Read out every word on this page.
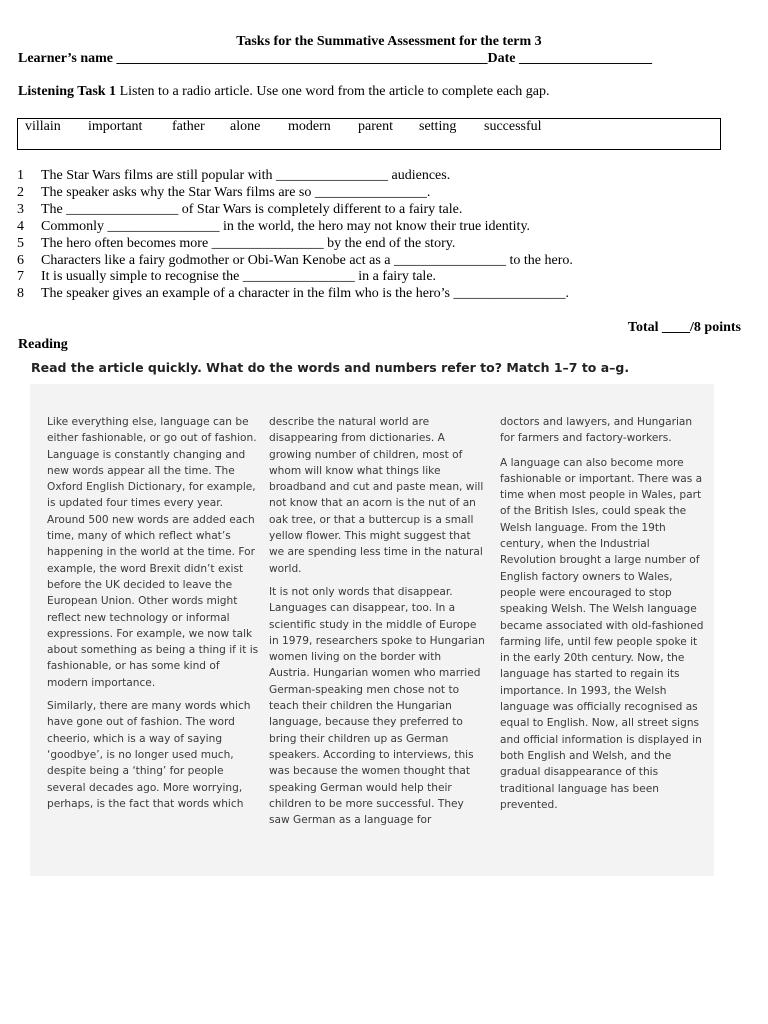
Tasks for the Summative Assessment for the term 3
Learner’s name _____________________________________________________Date ___________________
Listening Task 1 Listen to a radio article. Use one word from the article to complete each gap.
villain important father alone modern parent setting successful
1 The Star Wars films are still popular with ________________ audiences.
2 The speaker asks why the Star Wars films are so ________________.
3 The ________________ of Star Wars is completely different to a fairy tale.
4 Commonly ________________ in the world, the hero may not know their true identity.
5 The hero often becomes more ________________ by the end of the story.
6 Characters like a fairy godmother or Obi-Wan Kenobe act as a ________________ to the hero.
7 It is usually simple to recognise the ________________ in a fairy tale.
8 The speaker gives an example of a character in the film who is the hero’s ________________.
Total ____/8 points
Reading
Read the article quickly. What do the words and numbers refer to? Match 1–7 to a–g.

Like everything else, language can be either fashionable, or go out of fashion. Language is constantly changing and new words appear all the time. The Oxford English Dictionary, for example, is updated four times every year. Around 500 new words are added each time, many of which reflect what’s happening in the world at the time. For example, the word Brexit didn’t exist before the UK decided to leave the European Union. Other words might reflect new technology or informal expressions. For example, we now talk about something as being a thing if it is fashionable, or has some kind of modern importance.

Similarly, there are many words which have gone out of fashion. The word cheerio, which is a way of saying ‘goodbye’, is no longer used much, despite being a ‘thing’ for people several decades ago. More worrying, perhaps, is the fact that words which

describe the natural world are disappearing from dictionaries. A growing number of children, most of whom will know what things like broadband and cut and paste mean, will not know that an acorn is the nut of an oak tree, or that a buttercup is a small yellow flower. This might suggest that we are spending less time in the natural world.

It is not only words that disappear. Languages can disappear, too. In a scientific study in the middle of Europe in 1979, researchers spoke to Hungarian women living on the border with Austria. Hungarian women who married German-speaking men chose not to teach their children the Hungarian language, because they preferred to bring their children up as German speakers. According to interviews, this was because the women thought that speaking German would help their children to be more successful. They saw German as a language for

doctors and lawyers, and Hungarian for farmers and factory-workers.

A language can also become more fashionable or important. There was a time when most people in Wales, part of the British Isles, could speak the Welsh language. From the 19th century, when the Industrial Revolution brought a large number of English factory owners to Wales, people were encouraged to stop speaking Welsh. The Welsh language became associated with old-fashioned farming life, until few people spoke it in the early 20th century. Now, the language has started to regain its importance. In 1993, the Welsh language was officially recognised as equal to English. Now, all street signs and official information is displayed in both English and Welsh, and the gradual disappearance of this traditional language has been prevented.
